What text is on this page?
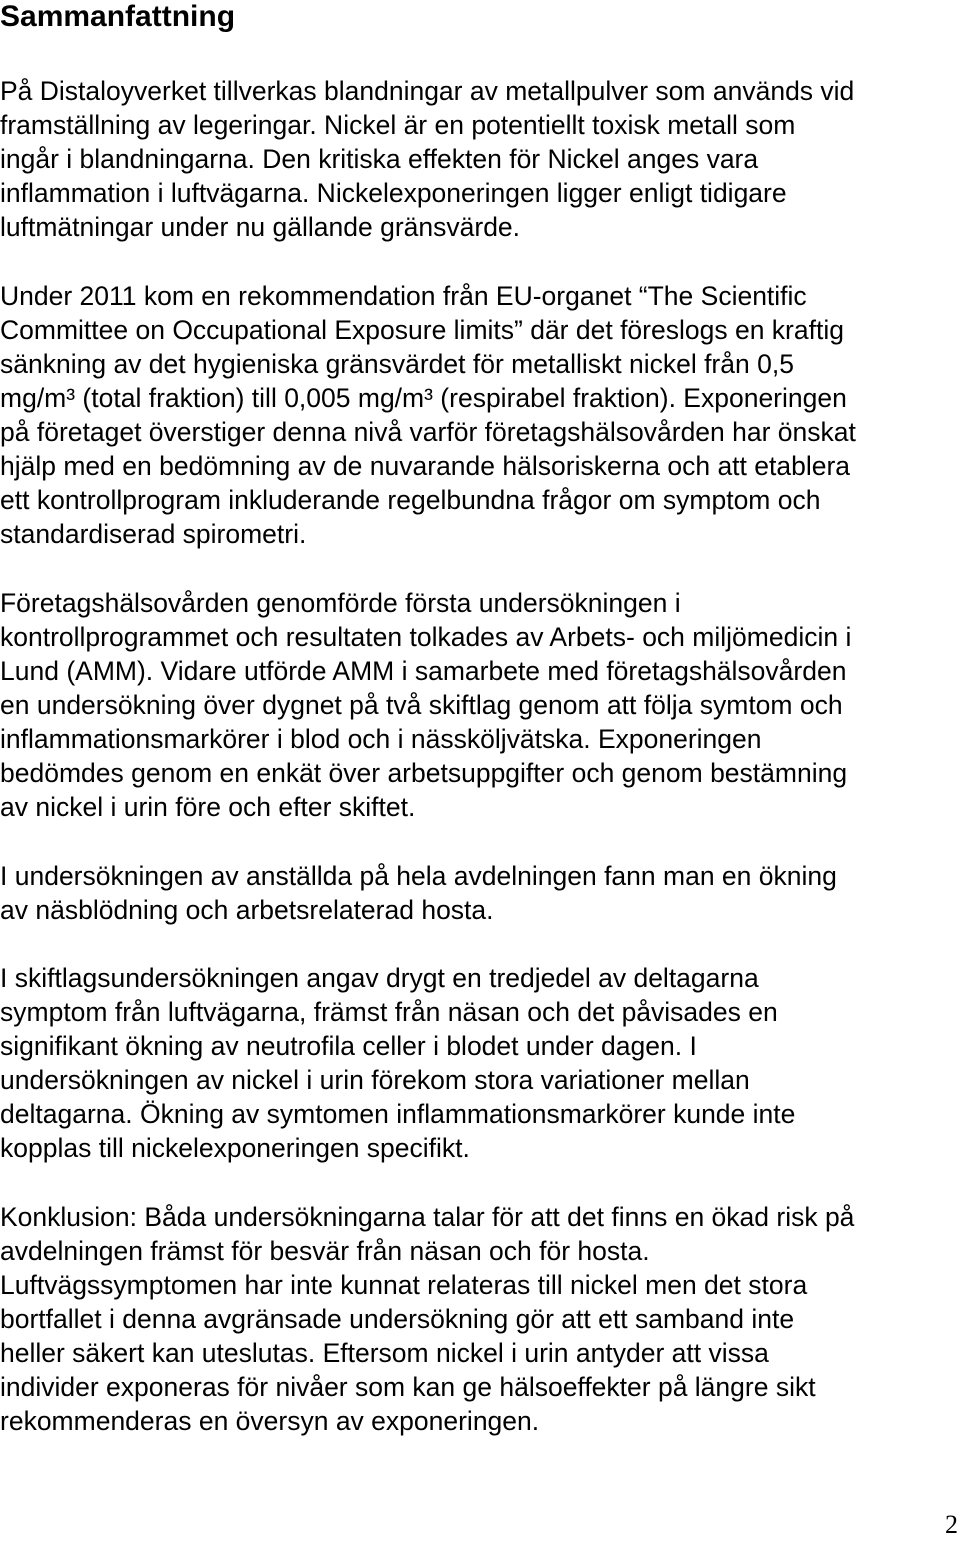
Sammanfattning
På Distaloyverket tillverkas blandningar av metallpulver som används vid
framställning av legeringar. Nickel är en potentiellt toxisk metall som
ingår i blandningarna. Den kritiska effekten för Nickel anges vara
inflammation i luftvägarna. Nickelexponeringen ligger enligt tidigare
luftmätningar under nu gällande gränsvärde.
Under 2011 kom en rekommendation från EU-organet “The Scientific
Committee on Occupational Exposure limits” där det föreslogs en kraftig
sänkning av det hygieniska gränsvärdet för metalliskt nickel från 0,5
mg/m³ (total fraktion) till 0,005 mg/m³ (respirabel fraktion). Exponeringen
på företaget överstiger denna nivå varför företagshälsovården har önskat
hjälp med en bedömning av de nuvarande hälsoriskerna och att etablera
ett kontrollprogram inkluderande regelbundna frågor om symptom och
standardiserad spirometri.
Företagshälsovården genomförde första undersökningen i
kontrollprogrammet och resultaten tolkades av Arbets- och miljömedicin i
Lund (AMM). Vidare utförde AMM i samarbete med företagshälsovården
en undersökning över dygnet på två skiftlag genom att följa symtom och
inflammationsmarkörer i blod och i nässköljvätska. Exponeringen
bedömdes genom en enkät över arbetsuppgifter och genom bestämning
av nickel i urin före och efter skiftet.
I undersökningen av anställda på hela avdelningen fann man en ökning
av näsblödning och arbetsrelaterad hosta.
I skiftlagsundersökningen angav drygt en tredjedel av deltagarna
symptom från luftvägarna, främst från näsan och det påvisades en
signifikant ökning av neutrofila celler i blodet under dagen. I
undersökningen av nickel i urin förekom stora variationer mellan
deltagarna. Ökning av symtomen inflammationsmarkörer kunde inte
kopplas till nickelexponeringen specifikt.
Konklusion: Båda undersökningarna talar för att det finns en ökad risk på
avdelningen främst för besvär från näsan och för hosta.
Luftvägssymptomen har inte kunnat relateras till nickel men det stora
bortfallet i denna avgränsade undersökning gör att ett samband inte
heller säkert kan uteslutas. Eftersom nickel i urin antyder att vissa
individer exponeras för nivåer som kan ge hälsoeffekter på längre sikt
rekommenderas en översyn av exponeringen.
2
